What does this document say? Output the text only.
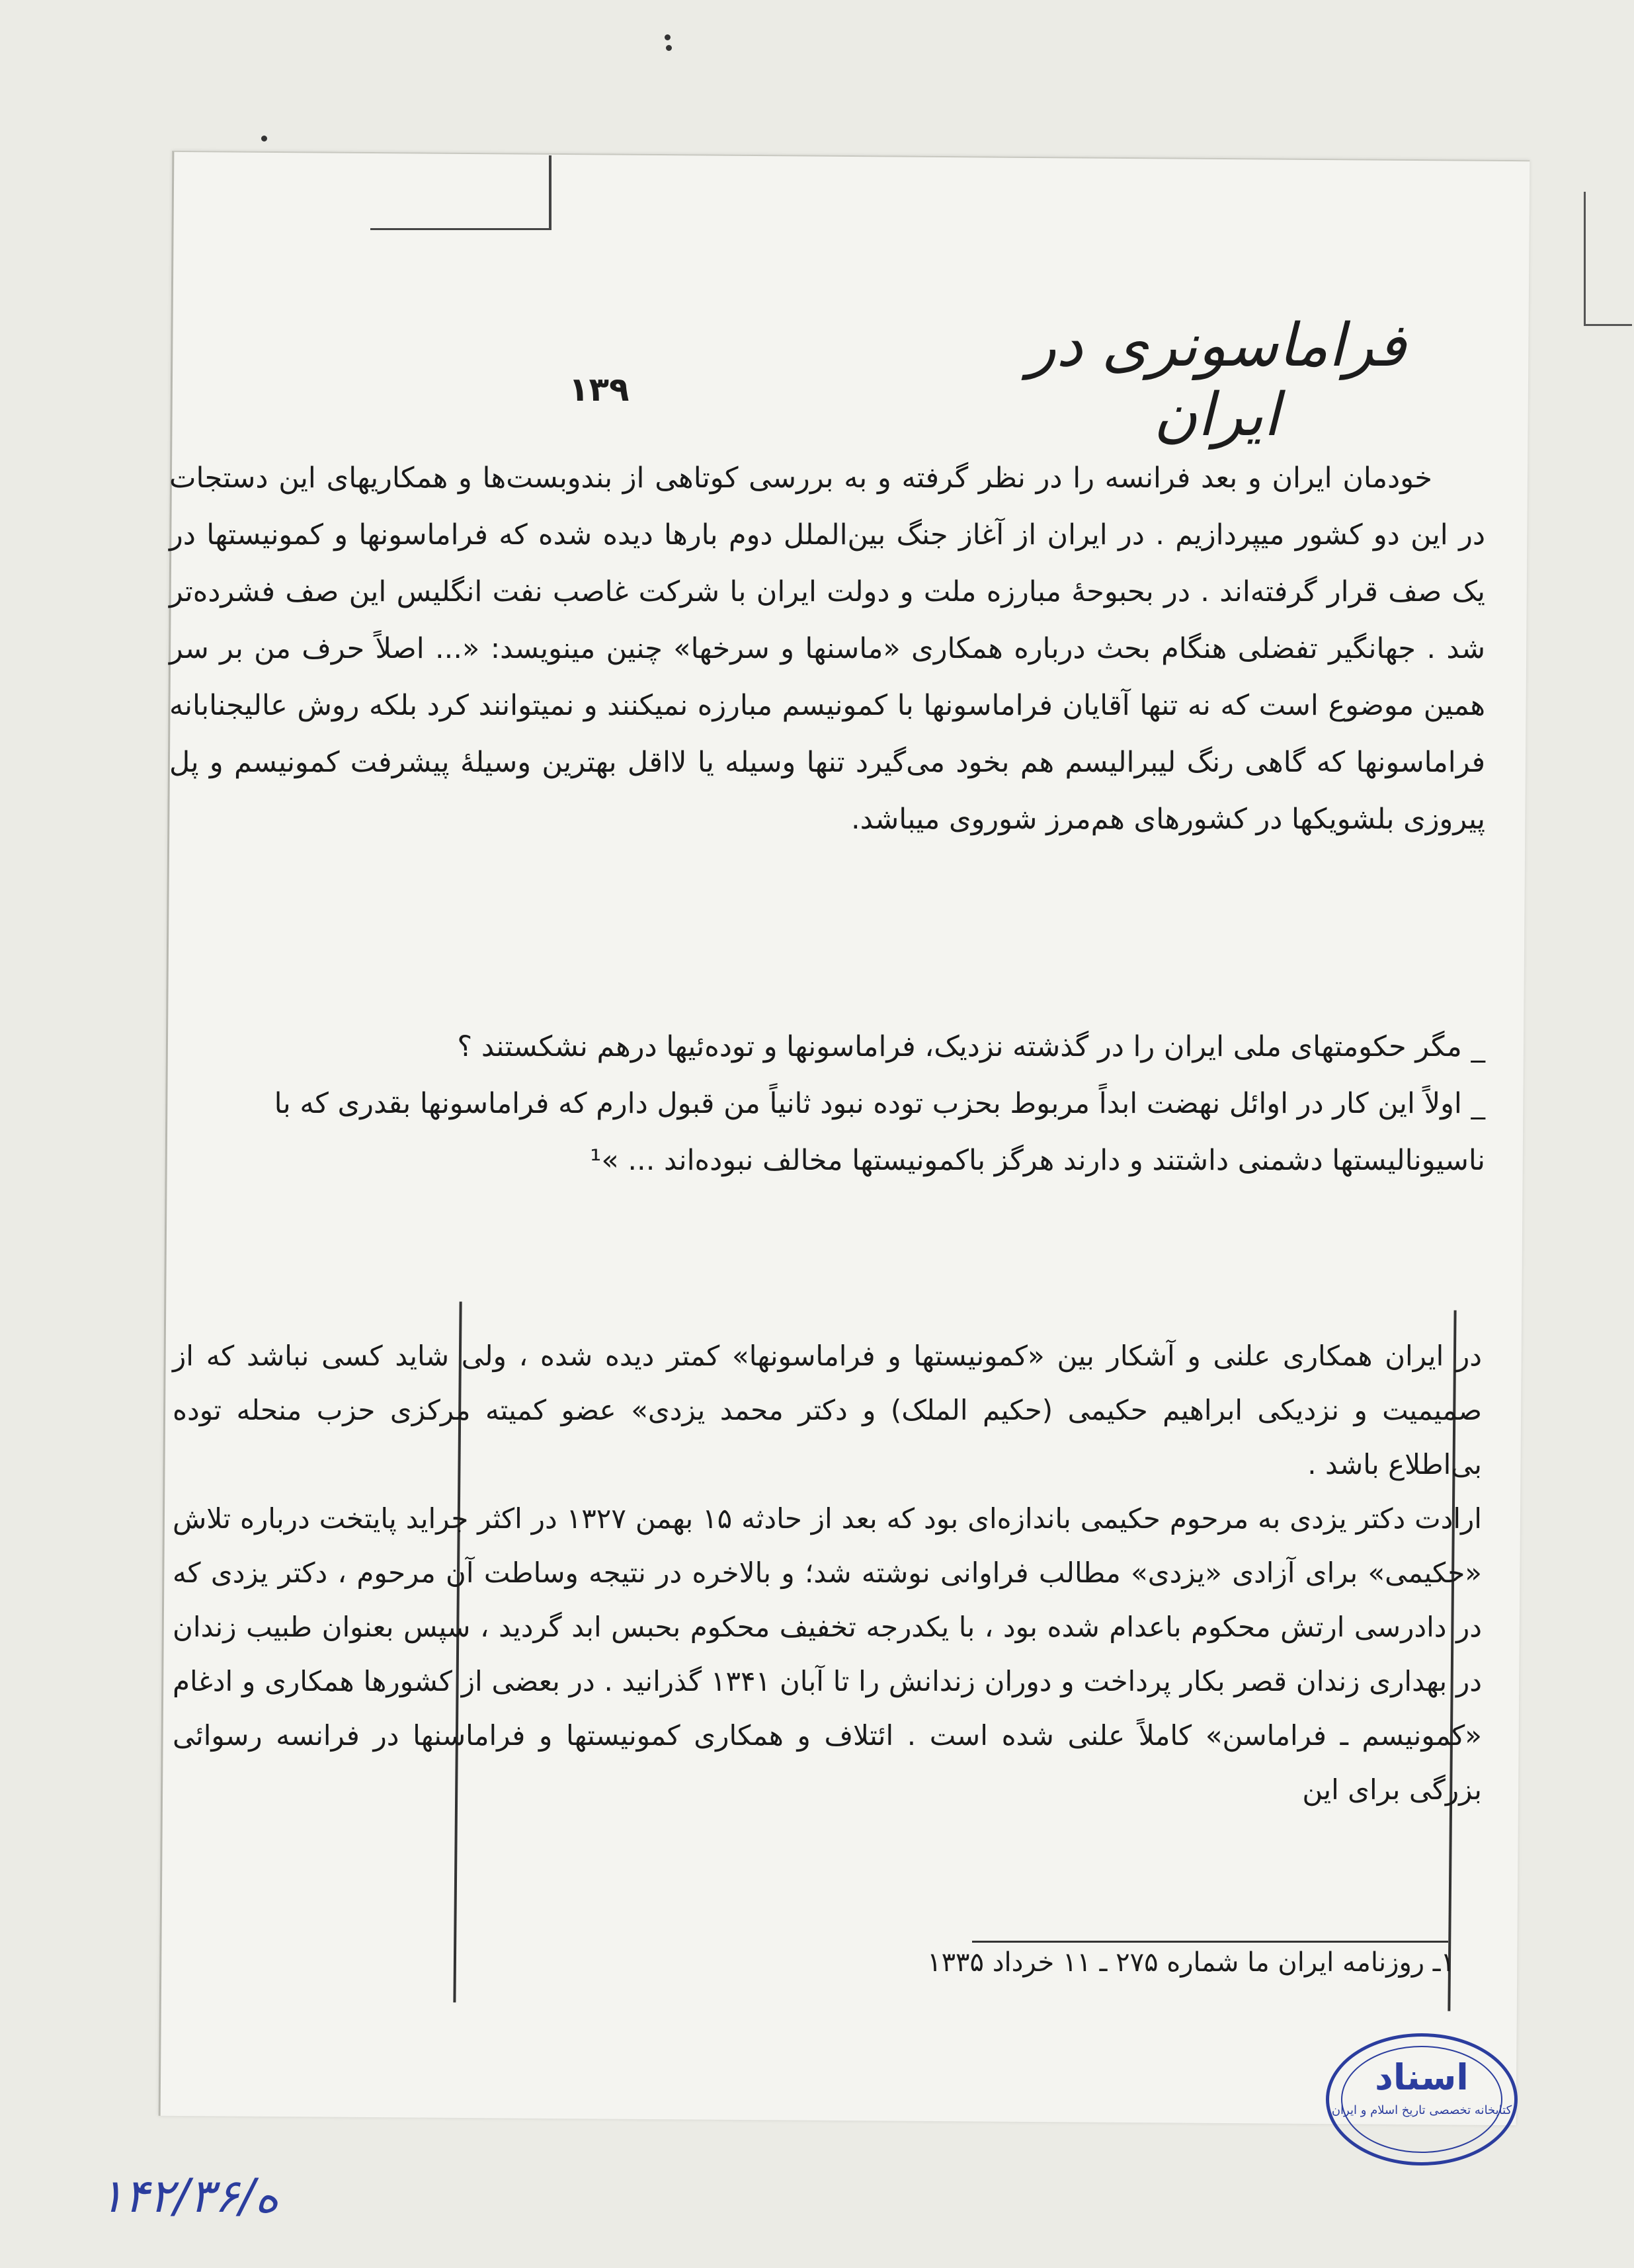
فراماسونری در ایران
۱۳۹

خودمان ایران و بعد فرانسه را در نظر گرفته و به بررسی کوتاهی از بندوبست‌ها و همکاریهای این دستجات در این دو کشور میپردازیم . در ایران از آغاز جنگ بین‌الملل دوم بارها دیده شده که فراماسونها و کمونیستها در یک صف قرار گرفته‌اند . در بحبوحهٔ مبارزه ملت و دولت ایران با شرکت غاصب نفت انگلیس این صف فشرده‌تر شد . جهانگیر تفضلی هنگام بحث درباره همکاری «ماسنها و سرخها» چنین مینویسد: «... اصلاً حرف من بر سر همین موضوع است که نه تنها آقایان فراماسونها با کمونیسم مبارزه نمیکنند و نمیتوانند کرد بلکه روش عالیجنابانه فراماسونها که گاهی رنگ لیبرالیسم هم بخود می‌گیرد تنها وسیله یا لااقل بهترین وسیلهٔ پیشرفت کمونیسم و پل پیروزی بلشویکها در کشورهای هم‌مرز شوروی میباشد.

_ مگر حکومتهای ملی ایران را در گذشته نزدیک، فراماسونها و توده‌ئیها درهم نشکستند ؟

_ اولاً این کار در اوائل نهضت ابداً مربوط بحزب توده نبود ثانیاً من قبول دارم که فراماسونها بقدری که با ناسیونالیستها دشمنی داشتند و دارند هرگز باکمونیستها مخالف نبوده‌اند ... »¹

در ایران همکاری علنی و آشکار بین «کمونیستها و فراماسونها» کمتر دیده شده ، ولی شاید کسی نباشد که از صمیمیت و نزدیکی ابراهیم حکیمی (حکیم الملک) و دکتر محمد یزدی» عضو کمیته مرکزی حزب منحله توده بی‌اطلاع باشد .

ارادت دکتر یزدی به مرحوم حکیمی باندازه‌ای بود که بعد از حادثه ۱۵ بهمن ۱۳۲۷ در اکثر جراید پایتخت درباره تلاش «حکیمی» برای آزادی «یزدی» مطالب فراوانی نوشته شد؛ و بالاخره در نتیجه وساطت آن مرحوم ، دکتر یزدی که در دادرسی ارتش محکوم باعدام شده بود ، با یکدرجه تخفیف محکوم بحبس ابد گردید ، سپس بعنوان طبیب زندان در بهداری زندان قصر بکار پرداخت و دوران زندانش را تا آبان ۱۳۴۱ گذرانید . در بعضی از کشورها همکاری و ادغام «کمونیسم ـ فراماسن» کاملاً علنی شده است . ائتلاف و همکاری کمونیستها و فراماسنها در فرانسه رسوائی بزرگی برای این

۱ـ روزنامه ایران ما شماره ۲۷۵ ـ ۱۱ خرداد ۱۳۳۵
اسناد
کتابخانه تخصصی تاریخ اسلام و ایران
۱۴۲/۳۶/ه
